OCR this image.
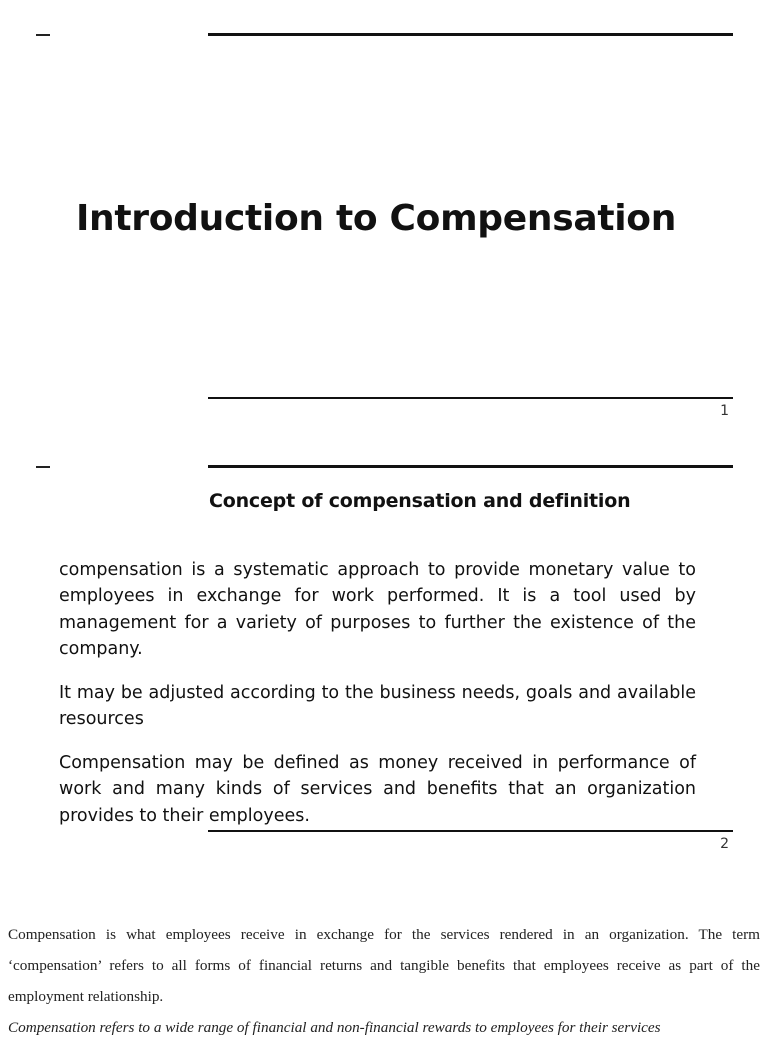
Introduction to Compensation
1
Concept of compensation and definition
compensation is a systematic approach to provide monetary value to employees in exchange for work performed. It is a tool used by management for a variety of purposes to further the existence of the company.
It may be adjusted according to the business needs, goals and available resources
Compensation may be defined as money received in performance of work and many kinds of services and benefits that an organization provides to their employees.
2
Compensation is what employees receive in exchange for the services rendered in an organization. The term ‘compensation’ refers to all forms of financial returns and tangible benefits that employees receive as part of the employment relationship.
Compensation refers to a wide range of financial and non-financial rewards to employees for their services
